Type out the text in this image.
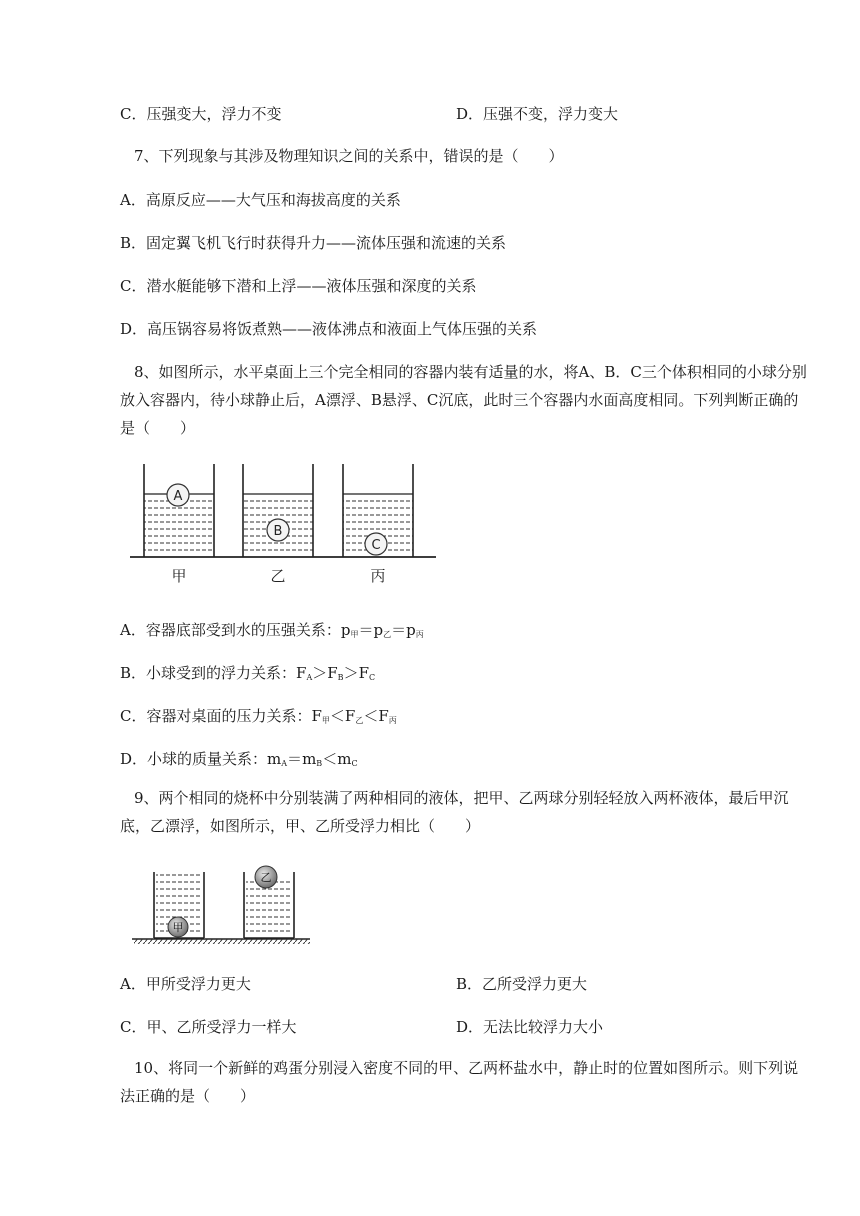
C．压强变大，浮力不变	D．压强不变，浮力变大
7、下列现象与其涉及物理知识之间的关系中，错误的是（　　）
A．高原反应——大气压和海拔高度的关系
B．固定翼飞机飞行时获得升力——流体压强和流速的关系
C．潜水艇能够下潜和上浮——液体压强和深度的关系
D．高压锅容易将饭煮熟——液体沸点和液面上气体压强的关系
8、如图所示，水平桌面上三个完全相同的容器内装有适量的水，将A、B．C三个体积相同的小球分别放入容器内，待小球静止后，A漂浮、B悬浮、C沉底，此时三个容器内水面高度相同。下列判断正确的是（　　）
A
B
C
甲	乙	丙
A．容器底部受到水的压强关系：$p_甲=p_乙=p_丙$
B．小球受到的浮力关系：$F_A>F_B>F_C$
C．容器对桌面的压力关系：$F_甲<F_乙<F_丙$
D．小球的质量关系：$m_A=m_B<m_C$
9、两个相同的烧杯中分别装满了两种相同的液体，把甲、乙两球分别轻轻放入两杯液体，最后甲沉底，乙漂浮，如图所示，甲、乙所受浮力相比（　　）
甲
乙
A．甲所受浮力更大	B．乙所受浮力更大
C．甲、乙所受浮力一样大	D．无法比较浮力大小
10、将同一个新鲜的鸡蛋分别浸入密度不同的甲、乙两杯盐水中，静止时的位置如图所示。则下列说法正确的是（　　）
